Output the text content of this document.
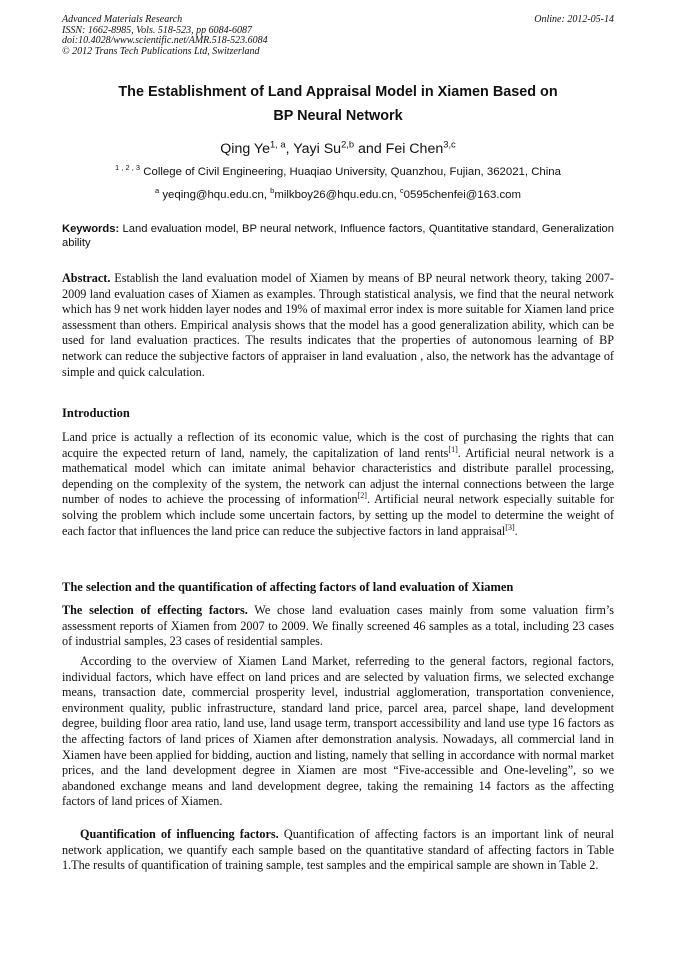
Advanced Materials Research
ISSN: 1662-8985, Vols. 518-523, pp 6084-6087
doi:10.4028/www.scientific.net/AMR.518-523.6084
© 2012 Trans Tech Publications Ltd, Switzerland
Online: 2012-05-14
The Establishment of Land Appraisal Model in Xiamen Based on
BP Neural Network
Qing Ye$^{1, a}$, Yayi Su$^{2,b}$ and Fei Chen$^{3,c}$
$^{1 , 2 , 3}$ College of Civil Engineering, Huaqiao University, Quanzhou, Fujian, 362021, China
$^a$ yeqing@hqu.edu.cn, $^b$milkboy26@hqu.edu.cn, $^c$0595chenfei@163.com
Keywords: Land evaluation model, BP neural network, Influence factors, Quantitative standard, Generalization ability
Abstract. Establish the land evaluation model of Xiamen by means of BP neural network theory, taking 2007-2009 land evaluation cases of Xiamen as examples. Through statistical analysis, we find that the neural network which has 9 net work hidden layer nodes and 19% of maximal error index is more suitable for Xiamen land price assessment than others. Empirical analysis shows that the model has a good generalization ability, which can be used for land evaluation practices. The results indicates that the properties of autonomous learning of BP network can reduce the subjective factors of appraiser in land evaluation , also, the network has the advantage of simple and quick calculation.
Introduction
Land price is actually a reflection of its economic value, which is the cost of purchasing the rights that can acquire the expected return of land, namely, the capitalization of land rents[1]. Artificial neural network is a mathematical model which can imitate animal behavior characteristics and distribute parallel processing, depending on the complexity of the system, the network can adjust the internal connections between the large number of nodes to achieve the processing of information[2]. Artificial neural network especially suitable for solving the problem which include some uncertain factors, by setting up the model to determine the weight of each factor that influences the land price can reduce the subjective factors in land appraisal[3].
The selection and the quantification of affecting factors of land evaluation of Xiamen
The selection of effecting factors. We chose land evaluation cases mainly from some valuation firm’s assessment reports of Xiamen from 2007 to 2009. We finally screened 46 samples as a total, including 23 cases of industrial samples, 23 cases of residential samples.
According to the overview of Xiamen Land Market, referreding to the general factors, regional factors, individual factors, which have effect on land prices and are selected by valuation firms, we selected exchange means, transaction date, commercial prosperity level, industrial agglomeration, transportation convenience, environment quality, public infrastructure, standard land price, parcel area, parcel shape, land development degree, building floor area ratio, land use, land usage term, transport accessibility and land use type 16 factors as the affecting factors of land prices of Xiamen after demonstration analysis. Nowadays, all commercial land in Xiamen have been applied for bidding, auction and listing, namely that selling in accordance with normal market prices, and the land development degree in Xiamen are most “Five-accessible and One-leveling”, so we abandoned exchange means and land development degree, taking the remaining 14 factors as the affecting factors of land prices of Xiamen.
Quantification of influencing factors. Quantification of affecting factors is an important link of neural network application, we quantify each sample based on the quantitative standard of affecting factors in Table 1.The results of quantification of training sample, test samples and the empirical sample are shown in Table 2.
